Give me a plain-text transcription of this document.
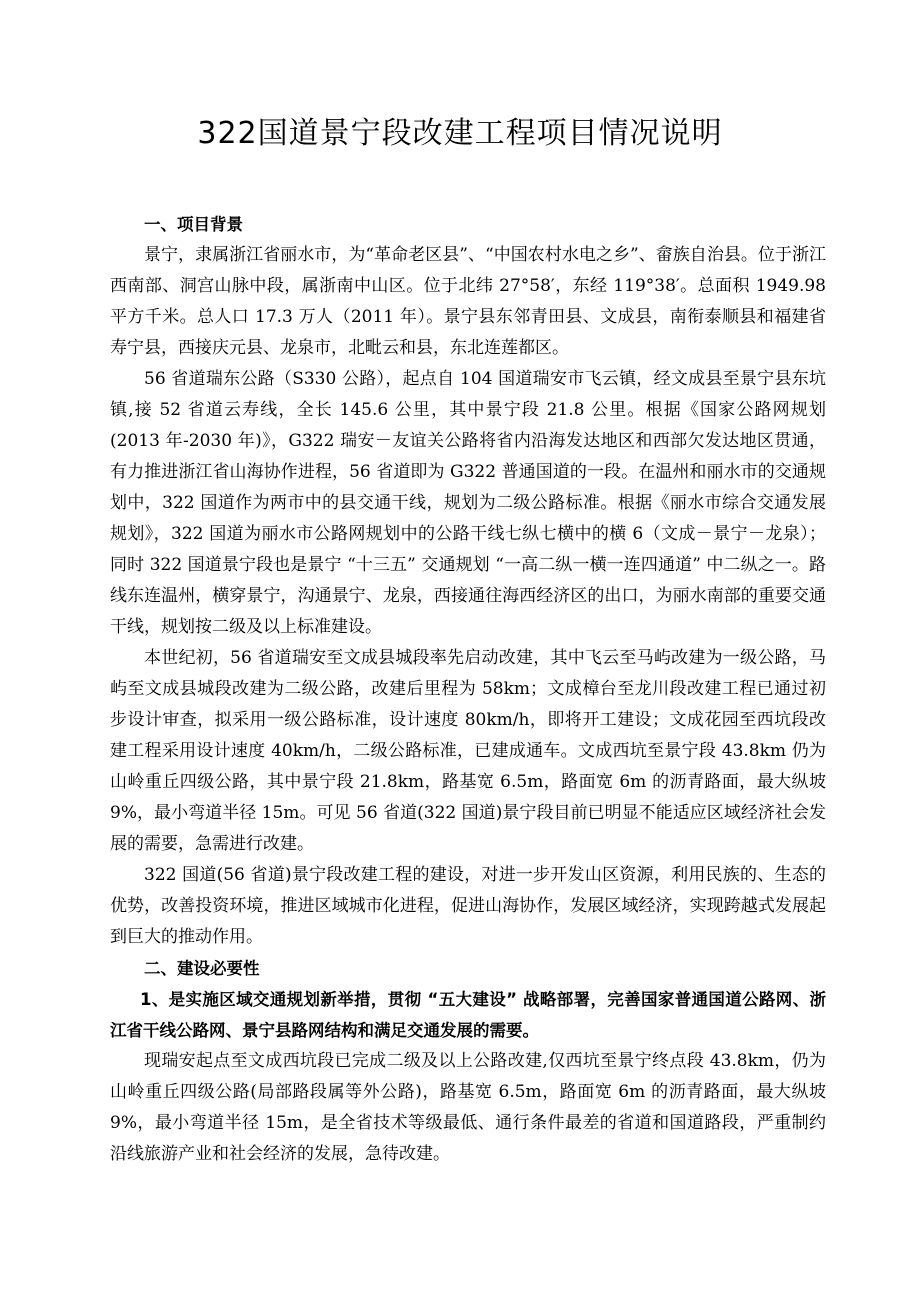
322国道景宁段改建工程项目情况说明

一、项目背景

景宁，隶属浙江省丽水市，为“革命老区县”、“中国农村水电之乡”、畲族自治县。位于浙江西南部、洞宫山脉中段，属浙南中山区。位于北纬 27°58′，东经 119°38′。总面积 1949.98 平方千米。总人口 17.3 万人（2011 年）。景宁县东邻青田县、文成县，南衔泰顺县和福建省寿宁县，西接庆元县、龙泉市，北毗云和县，东北连莲都区。

56 省道瑞东公路（S330 公路），起点自 104 国道瑞安市飞云镇，经文成县至景宁县东坑镇,接 52 省道云寿线，全长 145.6 公里，其中景宁段 21.8 公里。根据《国家公路网规划(2013 年-2030 年)》，G322 瑞安－友谊关公路将省内沿海发达地区和西部欠发达地区贯通，有力推进浙江省山海协作进程，56 省道即为 G322 普通国道的一段。在温州和丽水市的交通规划中，322 国道作为两市中的县交通干线，规划为二级公路标准。根据《丽水市综合交通发展规划》，322 国道为丽水市公路网规划中的公路干线七纵七横中的横 6（文成－景宁－龙泉）；同时 322 国道景宁段也是景宁 “十三五” 交通规划 “一高二纵一横一连四通道” 中二纵之一。路线东连温州，横穿景宁，沟通景宁、龙泉，西接通往海西经济区的出口，为丽水南部的重要交通干线，规划按二级及以上标准建设。

本世纪初，56 省道瑞安至文成县城段率先启动改建，其中飞云至马屿改建为一级公路，马屿至文成县城段改建为二级公路，改建后里程为 58km；文成樟台至龙川段改建工程已通过初步设计审查，拟采用一级公路标准，设计速度 80km/h，即将开工建设；文成花园至西坑段改建工程采用设计速度 40km/h，二级公路标准，已建成通车。文成西坑至景宁段 43.8km 仍为山岭重丘四级公路，其中景宁段 21.8km，路基宽 6.5m，路面宽 6m 的沥青路面，最大纵坡 9%，最小弯道半径 15m。可见 56 省道(322 国道)景宁段目前已明显不能适应区域经济社会发展的需要，急需进行改建。

322 国道(56 省道)景宁段改建工程的建设，对进一步开发山区资源，利用民族的、生态的优势，改善投资环境，推进区域城市化进程，促进山海协作，发展区域经济，实现跨越式发展起到巨大的推动作用。

二、建设必要性

1、是实施区域交通规划新举措，贯彻 “五大建设” 战略部署，完善国家普通国道公路网、浙江省干线公路网、景宁县路网结构和满足交通发展的需要。

现瑞安起点至文成西坑段已完成二级及以上公路改建,仅西坑至景宁终点段 43.8km，仍为山岭重丘四级公路(局部路段属等外公路)，路基宽 6.5m，路面宽 6m 的沥青路面，最大纵坡 9%，最小弯道半径 15m，是全省技术等级最低、通行条件最差的省道和国道路段，严重制约沿线旅游产业和社会经济的发展，急待改建。
